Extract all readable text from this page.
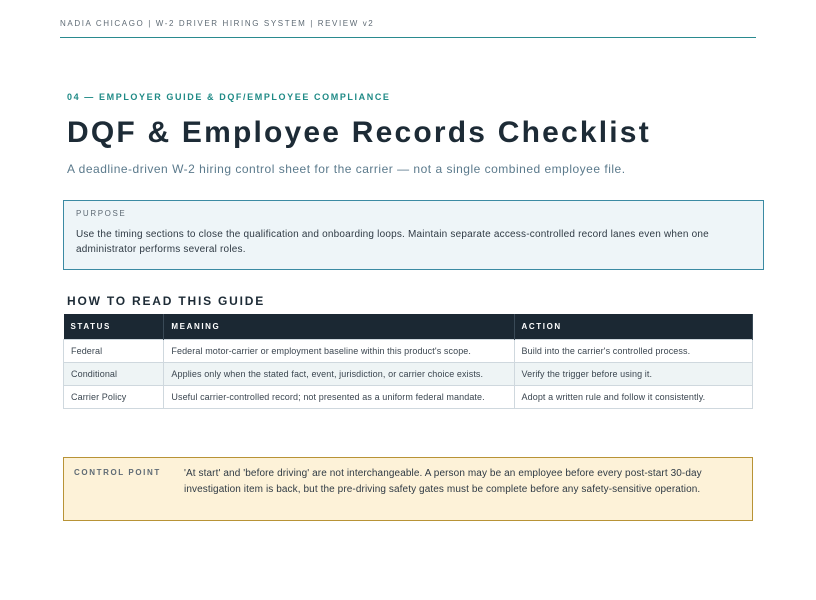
NADIA CHICAGO | W-2 DRIVER HIRING SYSTEM | REVIEW v2
04 — EMPLOYER GUIDE & DQF/EMPLOYEE COMPLIANCE
DQF & Employee Records Checklist
A deadline-driven W-2 hiring control sheet for the carrier — not a single combined employee file.
PURPOSE
Use the timing sections to close the qualification and onboarding loops. Maintain separate access-controlled record lanes even when one administrator performs several roles.
HOW TO READ THIS GUIDE
STATUS	MEANING	ACTION
Federal	Federal motor-carrier or employment baseline within this product's scope.	Build into the carrier's controlled process.
Conditional	Applies only when the stated fact, event, jurisdiction, or carrier choice exists.	Verify the trigger before using it.
Carrier Policy	Useful carrier-controlled record; not presented as a uniform federal mandate.	Adopt a written rule and follow it consistently.
CONTROL POINT 'At start' and 'before driving' are not interchangeable. A person may be an employee before every post-start 30-day investigation item is back, but the pre-driving safety gates must be complete before any safety-sensitive operation.
